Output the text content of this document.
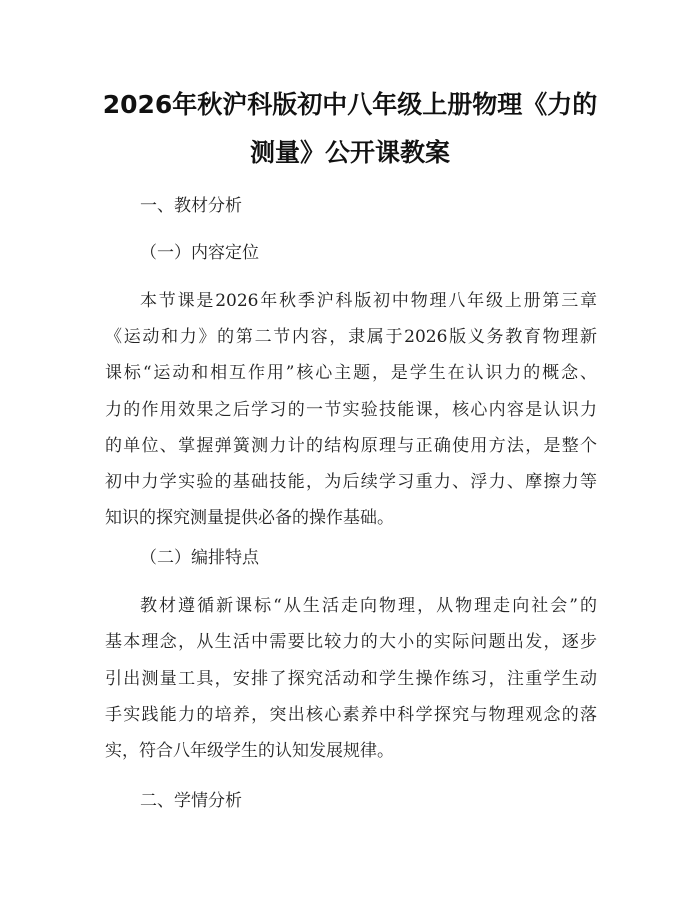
2026年秋沪科版初中八年级上册物理《力的
测量》公开课教案
一、教材分析
（一）内容定位
本节课是2026年秋季沪科版初中物理八年级上册第三章
《运动和力》的第二节内容，隶属于2026版义务教育物理新
课标“运动和相互作用”核心主题，是学生在认识力的概念、
力的作用效果之后学习的一节实验技能课，核心内容是认识力
的单位、掌握弹簧测力计的结构原理与正确使用方法，是整个
初中力学实验的基础技能，为后续学习重力、浮力、摩擦力等
知识的探究测量提供必备的操作基础。
（二）编排特点
教材遵循新课标“从生活走向物理，从物理走向社会”的
基本理念，从生活中需要比较力的大小的实际问题出发，逐步
引出测量工具，安排了探究活动和学生操作练习，注重学生动
手实践能力的培养，突出核心素养中科学探究与物理观念的落
实，符合八年级学生的认知发展规律。
二、学情分析
